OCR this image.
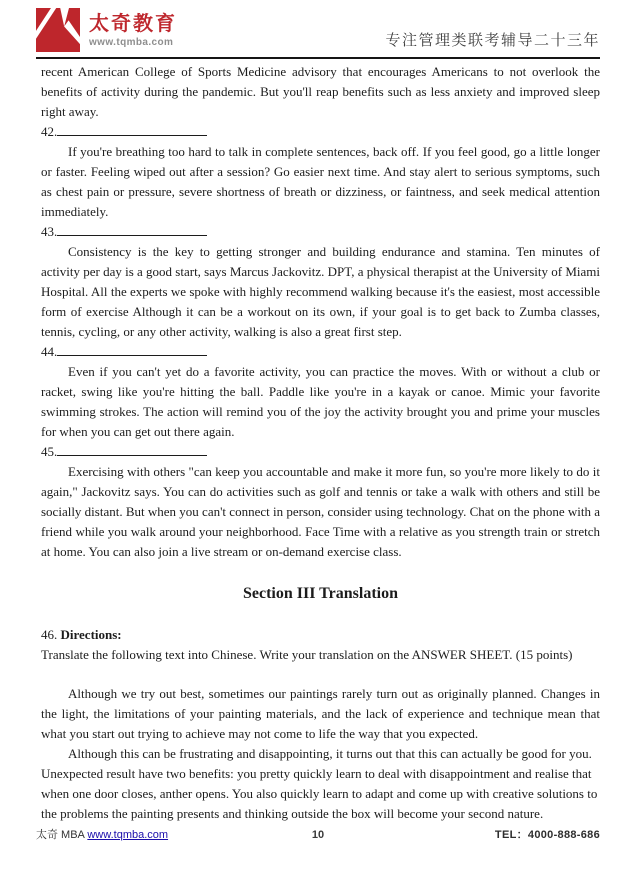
太奇教育
www.tqmba.com	专注管理类联考辅导二十三年

recent American College of Sports Medicine advisory that encourages Americans to not overlook the benefits of activity during the pandemic. But you'll reap benefits such as less anxiety and improved sleep right away.

42.

If you're breathing too hard to talk in complete sentences, back off. If you feel good, go a little longer or faster. Feeling wiped out after a session? Go easier next time. And stay alert to serious symptoms, such as chest pain or pressure, severe shortness of breath or dizziness, or faintness, and seek medical attention immediately.

43.

Consistency is the key to getting stronger and building endurance and stamina. Ten minutes of activity per day is a good start, says Marcus Jackovitz. DPT, a physical therapist at the University of Miami Hospital. All the experts we spoke with highly recommend walking because it's the easiest, most accessible form of exercise Although it can be a workout on its own, if your goal is to get back to Zumba classes, tennis, cycling, or any other activity, walking is also a great first step.

44.

Even if you can't yet do a favorite activity, you can practice the moves. With or without a club or racket, swing like you're hitting the ball. Paddle like you're in a kayak or canoe. Mimic your favorite swimming strokes. The action will remind you of the joy the activity brought you and prime your muscles for when you can get out there again.

45.

Exercising with others "can keep you accountable and make it more fun, so you're more likely to do it again," Jackovitz says. You can do activities such as golf and tennis or take a walk with others and still be socially distant. But when you can't connect in person, consider using technology. Chat on the phone with a friend while you walk around your neighborhood. Face Time with a relative as you strength train or stretch at home. You can also join a live stream or on-demand exercise class.

Section III Translation

46. Directions:

Translate the following text into Chinese. Write your translation on the ANSWER SHEET. (15 points)

Although we try out best, sometimes our paintings rarely turn out as originally planned. Changes in the light, the limitations of your painting materials, and the lack of experience and technique mean that what you start out trying to achieve may not come to life the way that you expected.

Although this can be frustrating and disappointing, it turns out that this can actually be good for you. Unexpected result have two benefits: you pretty quickly learn to deal with disappointment and realise that when one door closes, anther opens. You also quickly learn to adapt and come up with creative solutions to the problems the painting presents and thinking outside the box will become your second nature.

太奇 MBA www.tqmba.com	10	TEL：4000-888-686
